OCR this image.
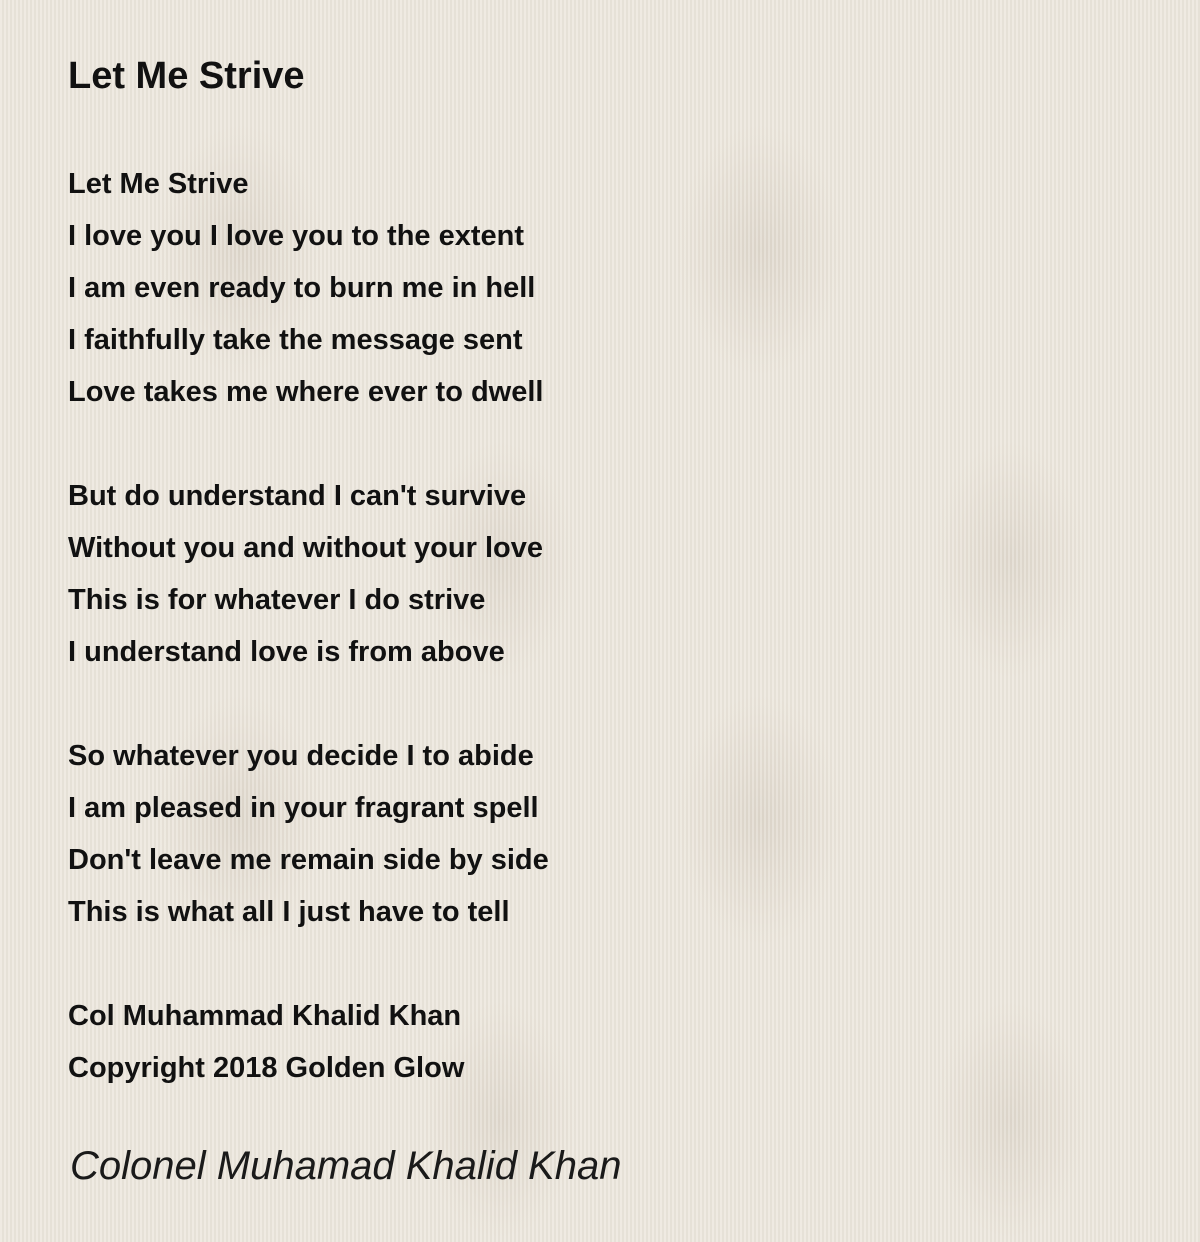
Let Me Strive
Let Me Strive
I love you I love you to the extent
I am even ready to burn me in hell
I faithfully take the message sent
Love takes me where ever to dwell
But do understand I can't survive
Without you and without your love
This is for whatever I do strive
I understand love is from above
So whatever you decide I to abide
I am pleased in your fragrant spell
Don't leave me remain side by side
This is what all I just have to tell
Col Muhammad Khalid Khan
Copyright 2018 Golden Glow
Colonel Muhamad Khalid Khan
